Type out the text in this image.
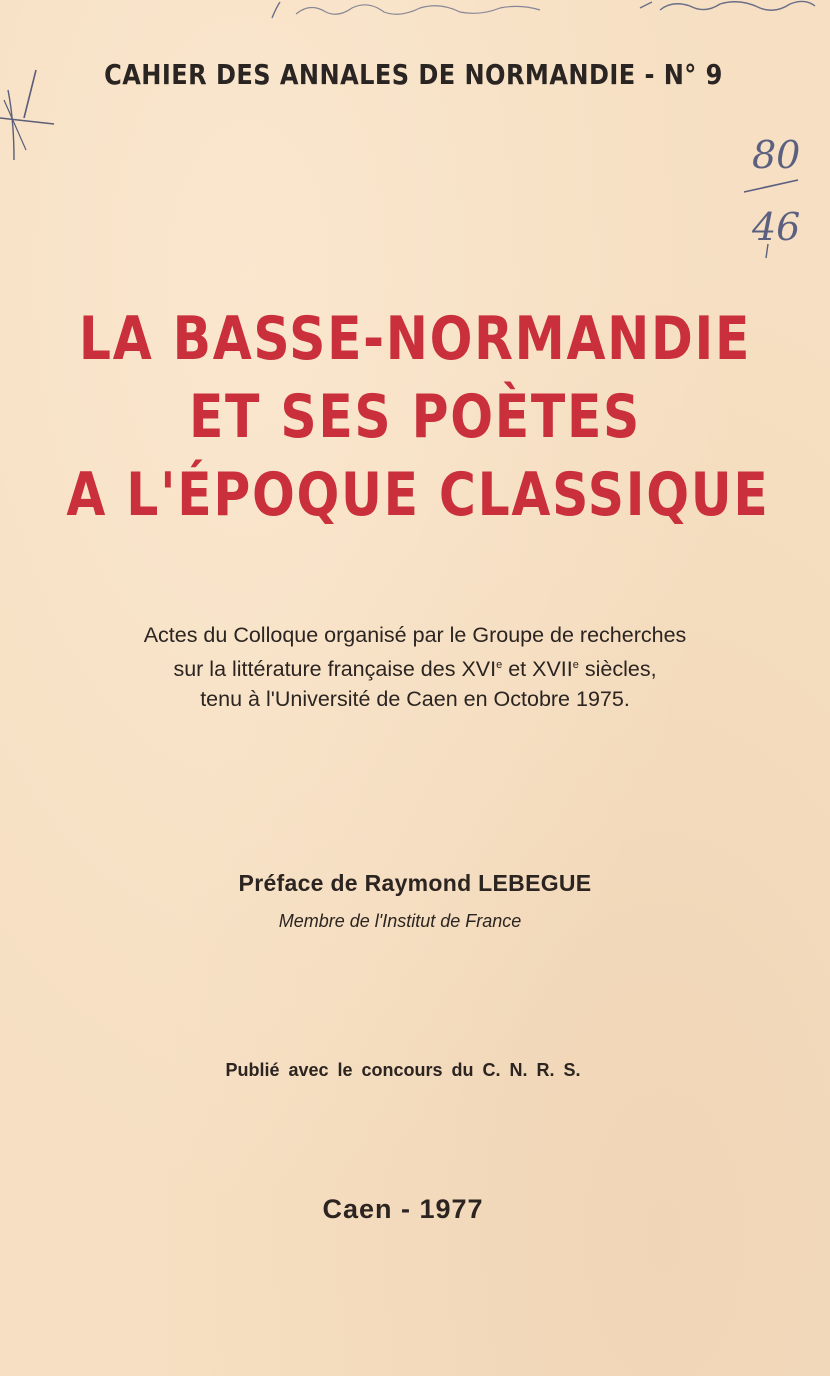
80
46
CAHIER DES ANNALES DE NORMANDIE - N° 9
LA BASSE-NORMANDIE
ET SES POÈTES
A L'ÉPOQUE CLASSIQUE
Actes du Colloque organisé par le Groupe de recherches
sur la littérature française des XVIe et XVIIe siècles,
tenu à l'Université de Caen en Octobre 1975.
Préface de Raymond LEBEGUE
Membre de l'Institut de France
Publié avec le concours du C. N. R. S.
Caen - 1977
